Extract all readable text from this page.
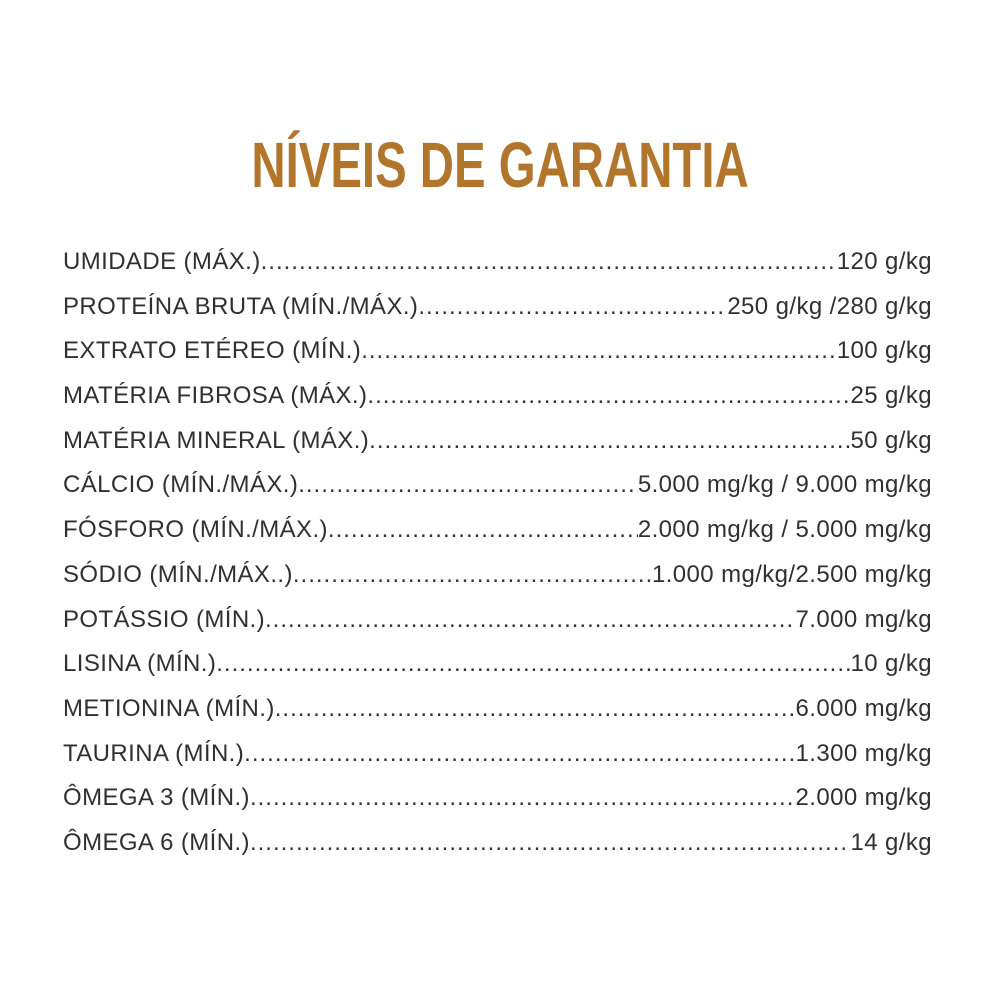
NÍVEIS DE GARANTIA
UMIDADE (MÁX.) .....	120 g/kg
PROTEÍNA BRUTA (MÍN./MÁX.) .....	250 g/kg /280 g/kg
EXTRATO ETÉREO (MÍN.) .....	100 g/kg
MATÉRIA FIBROSA (MÁX.) .....	25 g/kg
MATÉRIA MINERAL (MÁX.) .....	50 g/kg
CÁLCIO (MÍN./MÁX.) .....	5.000 mg/kg / 9.000 mg/kg
FÓSFORO (MÍN./MÁX.) .....	2.000 mg/kg / 5.000 mg/kg
SÓDIO (MÍN./MÁX..) .....	1.000 mg/kg/2.500 mg/kg
POTÁSSIO (MÍN.) .....	7.000 mg/kg
LISINA (MÍN.) .....	10 g/kg
METIONINA (MÍN.) .....	6.000 mg/kg
TAURINA (MÍN.) .....	1.300 mg/kg
ÔMEGA 3 (MÍN.) .....	2.000 mg/kg
ÔMEGA 6 (MÍN.) .....	14 g/kg
